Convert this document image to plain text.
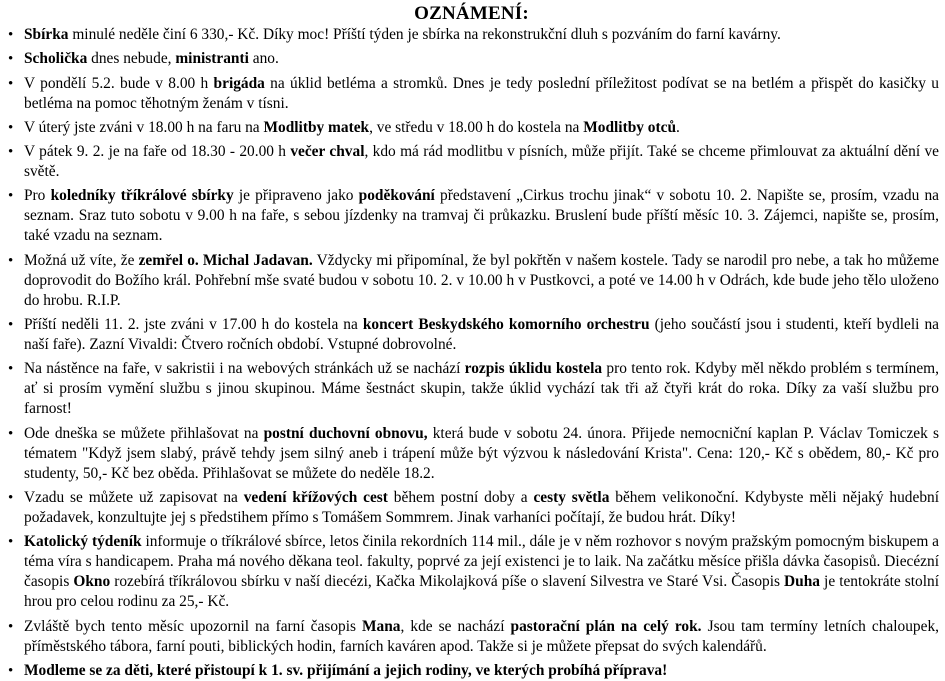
OZNÁMENÍ:
• Sbírka minulé neděle činí 6 330,- Kč. Díky moc! Příští týden je sbírka na rekonstrukční dluh s pozváním do farní kavárny.
• Scholička dnes nebude, ministranti ano.
• V pondělí 5.2. bude v 8.00 h brigáda na úklid betléma a stromků. Dnes je tedy poslední příležitost podívat se na betlém a přispět do kasičky u betléma na pomoc těhotným ženám v tísni.
• V úterý jste zváni v 18.00 h na faru na Modlitby matek, ve středu v 18.00 h do kostela na Modlitby otců.
• V pátek 9. 2. je na faře od 18.30 - 20.00 h večer chval, kdo má rád modlitbu v písních, může přijít. Také se chceme přimlouvat za aktuální dění ve světě.
• Pro koledníky tříkrálové sbírky je připraveno jako poděkování představení „Cirkus trochu jinak“ v sobotu 10. 2. Napište se, prosím, vzadu na seznam. Sraz tuto sobotu v 9.00 h na faře, s sebou jízdenky na tramvaj či průkazku. Bruslení bude příští měsíc 10. 3. Zájemci, napište se, prosím, také vzadu na seznam.
• Možná už víte, že zemřel o. Michal Jadavan. Vždycky mi připomínal, že byl pokřtěn v našem kostele. Tady se narodil pro nebe, a tak ho můžeme doprovodit do Božího král. Pohřební mše svaté budou v sobotu 10. 2. v 10.00 h v Pustkovci, a poté ve 14.00 h v Odrách, kde bude jeho tělo uloženo do hrobu. R.I.P.
• Příští neděli 11. 2. jste zváni v 17.00 h do kostela na koncert Beskydského komorního orchestru (jeho součástí jsou i studenti, kteří bydleli na naší faře). Zazní Vivaldi: Čtvero ročních období. Vstupné dobrovolné.
• Na nástěnce na faře, v sakristii i na webových stránkách už se nachází rozpis úklidu kostela pro tento rok. Kdyby měl někdo problém s termínem, ať si prosím vymění službu s jinou skupinou. Máme šestnáct skupin, takže úklid vychází tak tři až čtyři krát do roka. Díky za vaší službu pro farnost!
• Ode dneška se můžete přihlašovat na postní duchovní obnovu, která bude v sobotu 24. února. Přijede nemocniční kaplan P. Václav Tomiczek s tématem "Když jsem slabý, právě tehdy jsem silný aneb i trápení může být výzvou k následování Krista". Cena: 120,- Kč s obědem, 80,- Kč pro studenty, 50,- Kč bez oběda. Přihlašovat se můžete do neděle 18.2.
• Vzadu se můžete už zapisovat na vedení křížových cest během postní doby a cesty světla během velikonoční. Kdybyste měli nějaký hudební požadavek, konzultujte jej s předstihem přímo s Tomášem Sommrem. Jinak varhaníci počítají, že budou hrát. Díky!
• Katolický týdeník informuje o tříkrálové sbírce, letos činila rekordních 114 mil., dále je v něm rozhovor s novým pražským pomocným biskupem a téma víra s handicapem. Praha má nového děkana teol. fakulty, poprvé za její existenci je to laik. Na začátku měsíce přišla dávka časopisů. Diecézní časopis Okno rozebírá tříkrálovou sbírku v naší diecézi, Kačka Mikolajková píše o slavení Silvestra ve Staré Vsi. Časopis Duha je tentokráte stolní hrou pro celou rodinu za 25,- Kč.
• Zvláště bych tento měsíc upozornil na farní časopis Mana, kde se nachází pastorační plán na celý rok. Jsou tam termíny letních chaloupek, příměstského tábora, farní pouti, biblických hodin, farních kaváren apod. Takže si je můžete přepsat do svých kalendářů.
• Modleme se za děti, které přistoupí k 1. sv. přijímání a jejich rodiny, ve kterých probíhá příprava!
